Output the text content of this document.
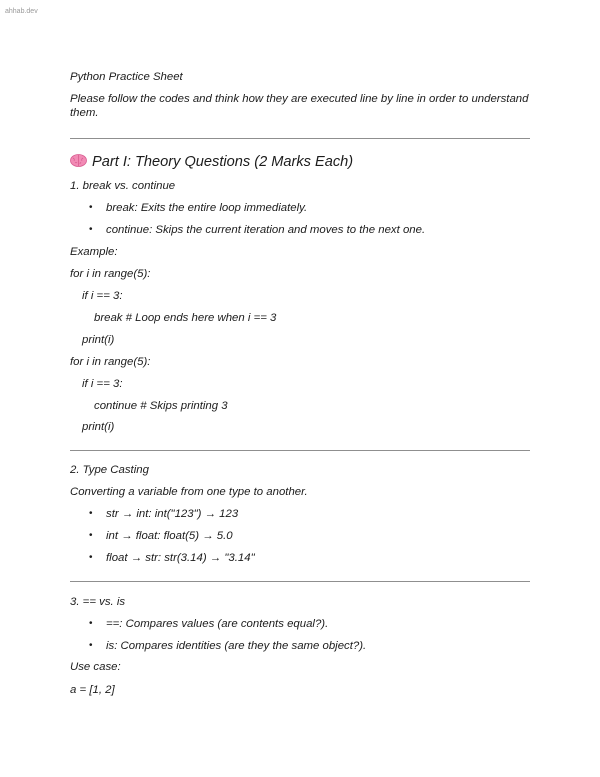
ahhab.dev
Python Practice Sheet
Please follow the codes and think how they are executed line by line in order to understand them.
Part I: Theory Questions (2 Marks Each)
1. break vs. continue
• break: Exits the entire loop immediately.
• continue: Skips the current iteration and moves to the next one.
Example:
for i in range(5):
if i == 3:
break # Loop ends here when i == 3
print(i)
for i in range(5):
if i == 3:
continue # Skips printing 3
print(i)
2. Type Casting
Converting a variable from one type to another.
• str → int: int("123") → 123
• int → float: float(5) → 5.0
• float → str: str(3.14) → "3.14"
3. == vs. is
• ==: Compares values (are contents equal?).
• is: Compares identities (are they the same object?).
Use case:
a = [1, 2]
